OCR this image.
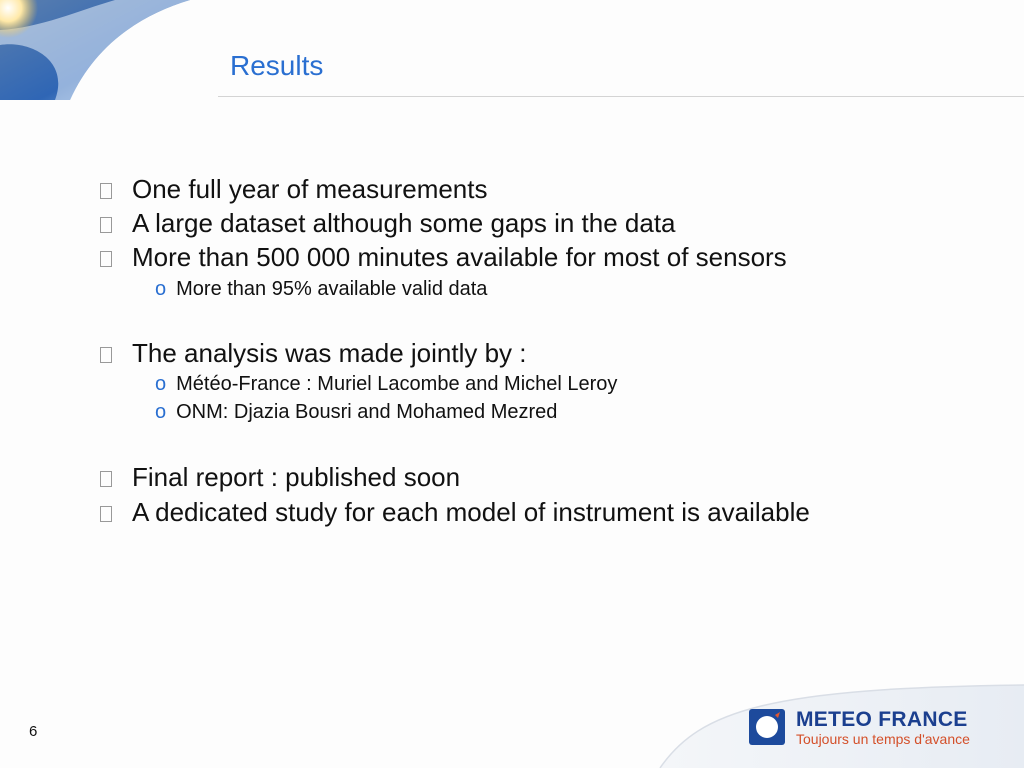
Results
One full year of measurements
A large dataset although some gaps in the data
More than 500 000 minutes available for most of sensors
o More than 95% available valid data
The analysis was made jointly by :
o Météo-France : Muriel Lacombe and Michel Leroy
o ONM: Djazia Bousri and Mohamed Mezred
Final report : published soon
A dedicated study for each model of instrument is available
METEO FRANCE
Toujours un temps d'avance
6
